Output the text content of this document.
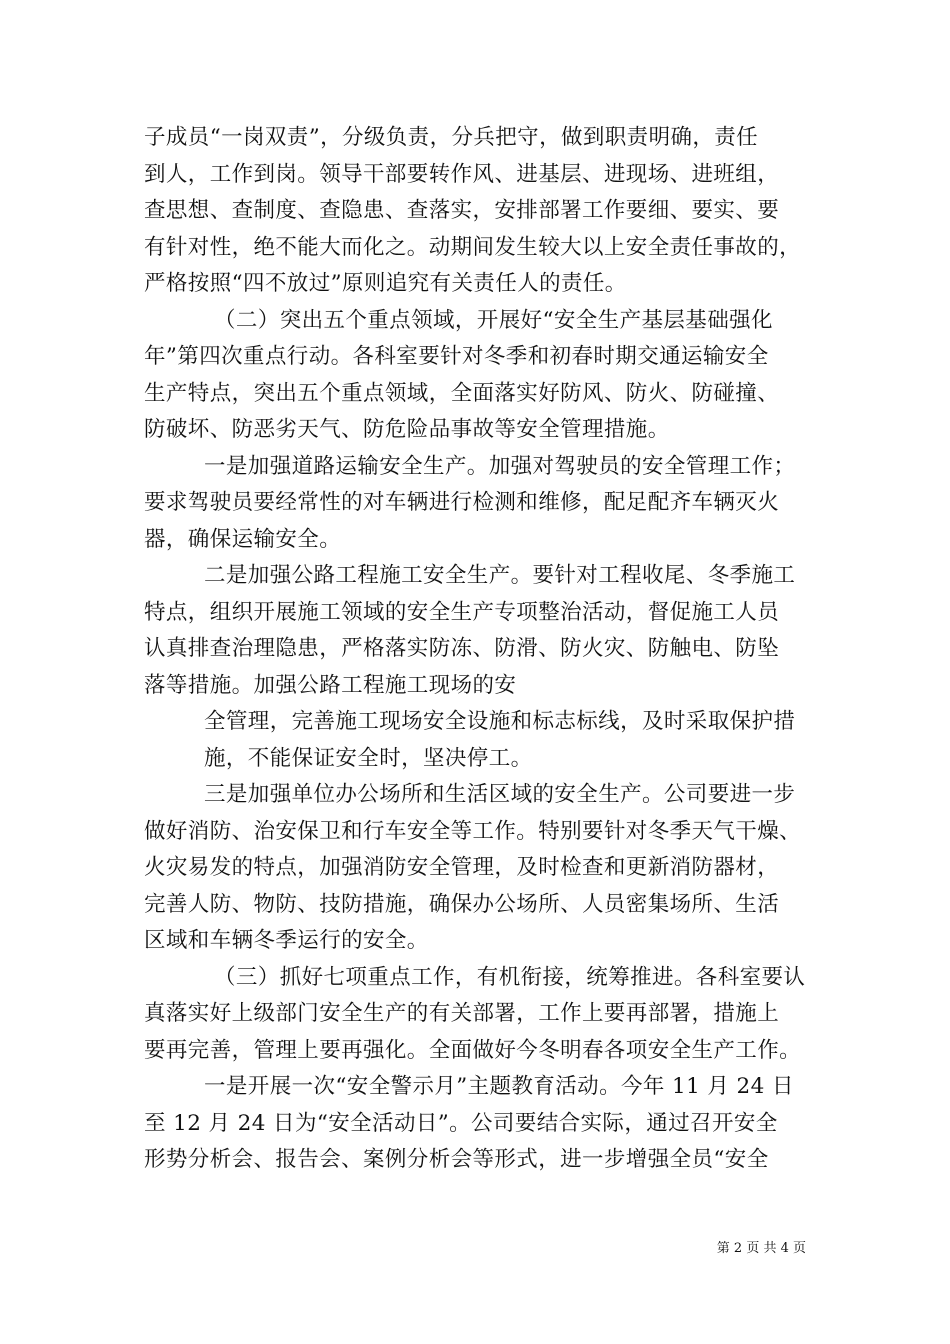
子成员“一岗双责”，分级负责，分兵把守，做到职责明确，责任
到人，工作到岗。领导干部要转作风、进基层、进现场、进班组，
查思想、查制度、查隐患、查落实，安排部署工作要细、要实、要
有针对性，绝不能大而化之。动期间发生较大以上安全责任事故的，
严格按照“四不放过”原则追究有关责任人的责任。
（二）突出五个重点领域，开展好“安全生产基层基础强化
年”第四次重点行动。各科室要针对冬季和初春时期交通运输安全
生产特点，突出五个重点领域，全面落实好防风、防火、防碰撞、
防破坏、防恶劣天气、防危险品事故等安全管理措施。
一是加强道路运输安全生产。加强对驾驶员的安全管理工作；
要求驾驶员要经常性的对车辆进行检测和维修，配足配齐车辆灭火
器，确保运输安全。
二是加强公路工程施工安全生产。要针对工程收尾、冬季施工
特点，组织开展施工领域的安全生产专项整治活动，督促施工人员
认真排查治理隐患，严格落实防冻、防滑、防火灾、防触电、防坠
落等措施。加强公路工程施工现场的安
全管理，完善施工现场安全设施和标志标线，及时采取保护措
施，不能保证安全时，坚决停工。
三是加强单位办公场所和生活区域的安全生产。公司要进一步
做好消防、治安保卫和行车安全等工作。特别要针对冬季天气干燥、
火灾易发的特点，加强消防安全管理，及时检查和更新消防器材，
完善人防、物防、技防措施，确保办公场所、人员密集场所、生活
区域和车辆冬季运行的安全。
（三）抓好七项重点工作，有机衔接，统筹推进。各科室要认
真落实好上级部门安全生产的有关部署，工作上要再部署，措施上
要再完善，管理上要再强化。全面做好今冬明春各项安全生产工作。
一是开展一次“安全警示月”主题教育活动。今年 11 月 24 日
至 12 月 24 日为“安全活动日”。公司要结合实际，通过召开安全
形势分析会、报告会、案例分析会等形式，进一步增强全员“安全
第 2 页 共 4 页
